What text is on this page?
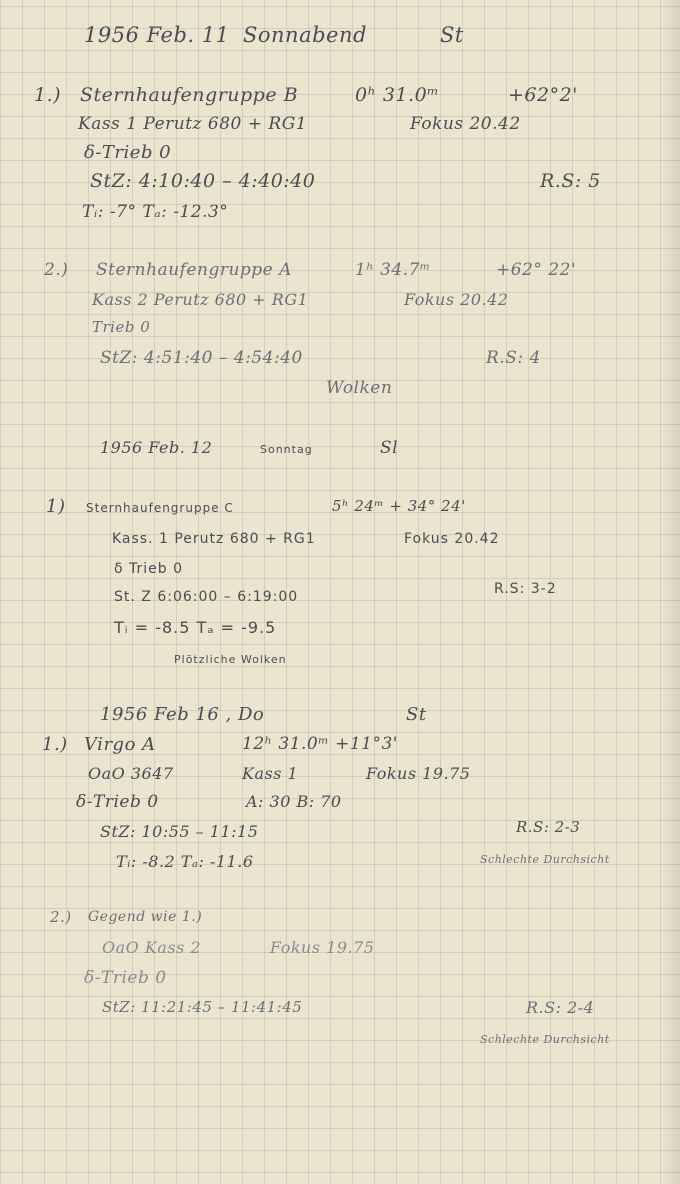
1956 Feb. 11 Sonnabend	St
1.) Sternhaufengruppe B	0ʰ 31.0ᵐ	+62°2'
Kass 1 Perutz 680 + RG1	Fokus 20.42
δ-Trieb 0
StZ: 4:10:40 – 4:40:40	R.S: 5
Tᵢ: -7° Tₐ: -12.3°
2.) Sternhaufengruppe A	1ʰ 34.7ᵐ	+62° 22'
Kass 2 Perutz 680 + RG1	Fokus 20.42
Trieb 0
StZ: 4:51:40 – 4:54:40	R.S: 4
Wolken
1956 Feb. 12	Sonntag	Sl
1) Sternhaufengruppe C	5ʰ 24ᵐ + 34° 24'
Kass. 1 Perutz 680 + RG1	Fokus 20.42
δ Trieb 0
St. Z 6:06:00 – 6:19:00	R.S: 3-2
Tᵢ = -8.5 Tₐ = -9.5
Plötzliche Wolken
1956 Feb 16 , Do	St
1.) Virgo A	12ʰ 31.0ᵐ +11°3'
OaO 3647	Kass 1	Fokus 19.75
δ-Trieb 0	A: 30 B: 70
StZ: 10:55 – 11:15	R.S: 2-3
Tᵢ: -8.2 Tₐ: -11.6	Schlechte Durchsicht
2.) Gegend wie 1.)
OaO Kass 2	Fokus 19.75
δ-Trieb 0
StZ: 11:21:45 – 11:41:45	R.S: 2-4
Schlechte Durchsicht
